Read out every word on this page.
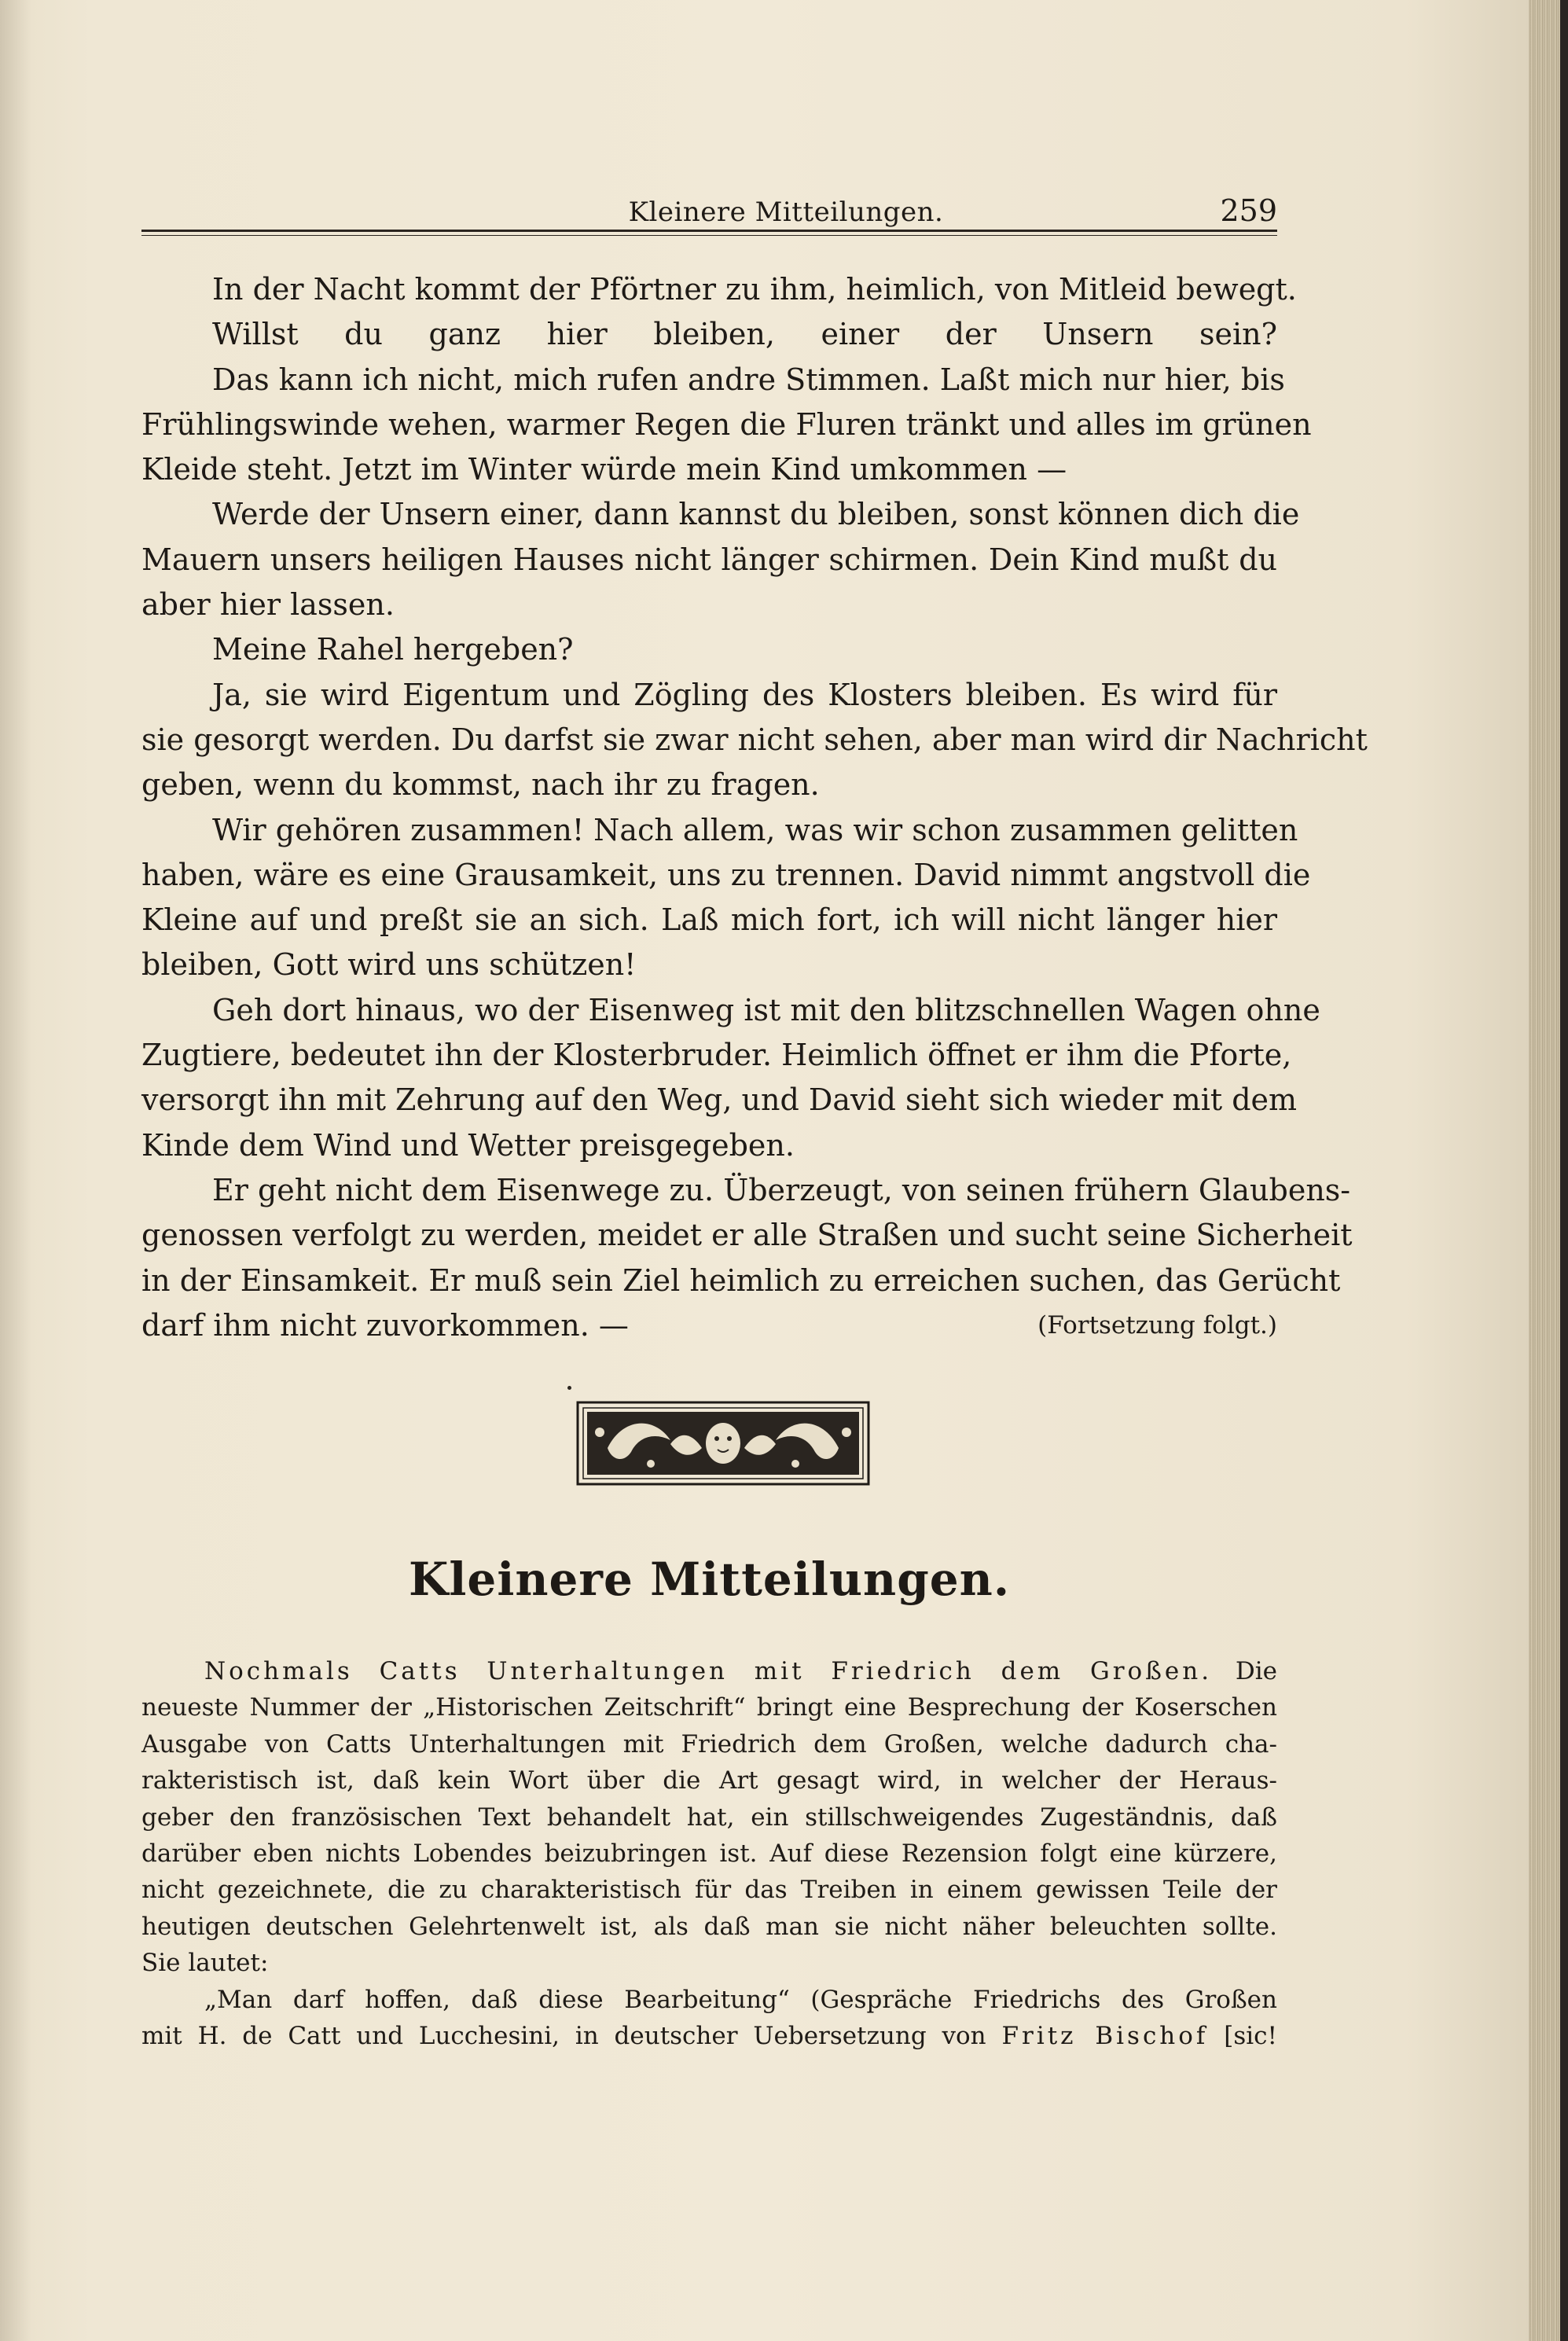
Kleinere Mitteilungen.	259
In der Nacht kommt der Pförtner zu ihm, heimlich, von Mitleid bewegt.
Willst du ganz hier bleiben, einer der Unsern sein?
Das kann ich nicht, mich rufen andre Stimmen. Laßt mich nur hier, bis
Frühlingswinde wehen, warmer Regen die Fluren tränkt und alles im grünen
Kleide steht. Jetzt im Winter würde mein Kind umkommen —
Werde der Unsern einer, dann kannst du bleiben, sonst können dich die
Mauern unsers heiligen Hauses nicht länger schirmen. Dein Kind mußt du
aber hier lassen.
Meine Rahel hergeben?
Ja, sie wird Eigentum und Zögling des Klosters bleiben. Es wird für
sie gesorgt werden. Du darfst sie zwar nicht sehen, aber man wird dir Nachricht
geben, wenn du kommst, nach ihr zu fragen.
Wir gehören zusammen! Nach allem, was wir schon zusammen gelitten
haben, wäre es eine Grausamkeit, uns zu trennen. David nimmt angstvoll die
Kleine auf und preßt sie an sich. Laß mich fort, ich will nicht länger hier
bleiben, Gott wird uns schützen!
Geh dort hinaus, wo der Eisenweg ist mit den blitzschnellen Wagen ohne
Zugtiere, bedeutet ihn der Klosterbruder. Heimlich öffnet er ihm die Pforte,
versorgt ihn mit Zehrung auf den Weg, und David sieht sich wieder mit dem
Kinde dem Wind und Wetter preisgegeben.
Er geht nicht dem Eisenwege zu. Überzeugt, von seinen frühern Glaubens-
genossen verfolgt zu werden, meidet er alle Straßen und sucht seine Sicherheit
in der Einsamkeit. Er muß sein Ziel heimlich zu erreichen suchen, das Gerücht
darf ihm nicht zuvorkommen. —	(Fortsetzung folgt.)
Kleinere Mitteilungen.
Nochmals Catts Unterhaltungen mit Friedrich dem Großen. Die
neueste Nummer der „Historischen Zeitschrift“ bringt eine Besprechung der Koserschen
Ausgabe von Catts Unterhaltungen mit Friedrich dem Großen, welche dadurch cha-
rakteristisch ist, daß kein Wort über die Art gesagt wird, in welcher der Heraus-
geber den französischen Text behandelt hat, ein stillschweigendes Zugeständnis, daß
darüber eben nichts Lobendes beizubringen ist. Auf diese Rezension folgt eine kürzere,
nicht gezeichnete, die zu charakteristisch für das Treiben in einem gewissen Teile der
heutigen deutschen Gelehrtenwelt ist, als daß man sie nicht näher beleuchten sollte.
Sie lautet:
„Man darf hoffen, daß diese Bearbeitung“ (Gespräche Friedrichs des Großen
mit H. de Catt und Lucchesini, in deutscher Uebersetzung von Fritz Bischof [sic!
